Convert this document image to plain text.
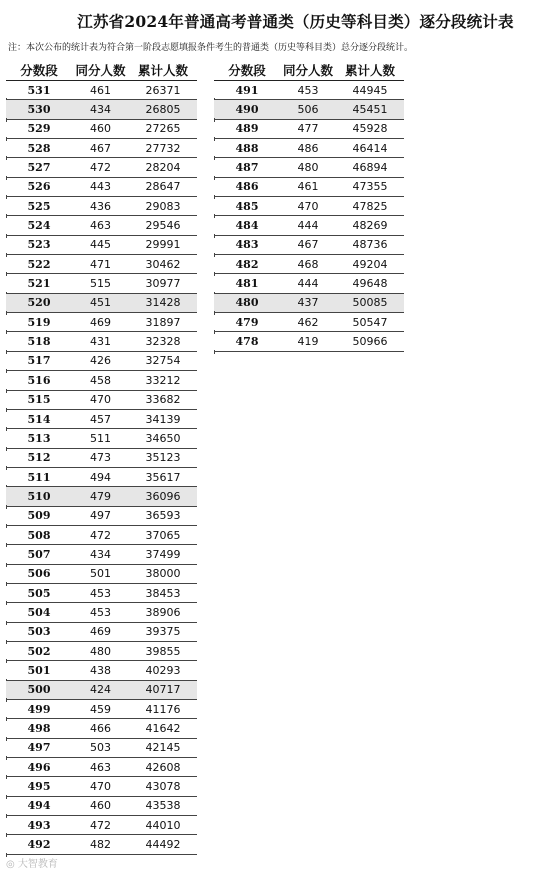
江苏省2024年普通高考普通类（历史等科目类）逐分段统计表
注：本次公布的统计表为符合第一阶段志愿填报条件考生的普通类（历史等科目类）总分逐分段统计。
分数段	同分人数 累计人数
531	461	26371
530	434	26805
529	460	27265
528	467	27732
527	472	28204
526	443	28647
525	436	29083
524	463	29546
523	445	29991
522	471	30462
521	515	30977
520	451	31428
519	469	31897
518	431	32328
517	426	32754
516	458	33212
515	470	33682
514	457	34139
513	511	34650
512	473	35123
511	494	35617
510	479	36096
509	497	36593
508	472	37065
507	434	37499
506	501	38000
505	453	38453
504	453	38906
503	469	39375
502	480	39855
501	438	40293
500	424	40717
499	459	41176
498	466	41642
497	503	42145
496	463	42608
495	470	43078
494	460	43538
493	472	44010
492	482	44492
分数段	同分人数 累计人数
491	453	44945
490	506	45451
489	477	45928
488	486	46414
487	480	46894
486	461	47355
485	470	47825
484	444	48269
483	467	48736
482	468	49204
481	444	49648
480	437	50085
479	462	50547
478	419	50966
◎ 大智教育
